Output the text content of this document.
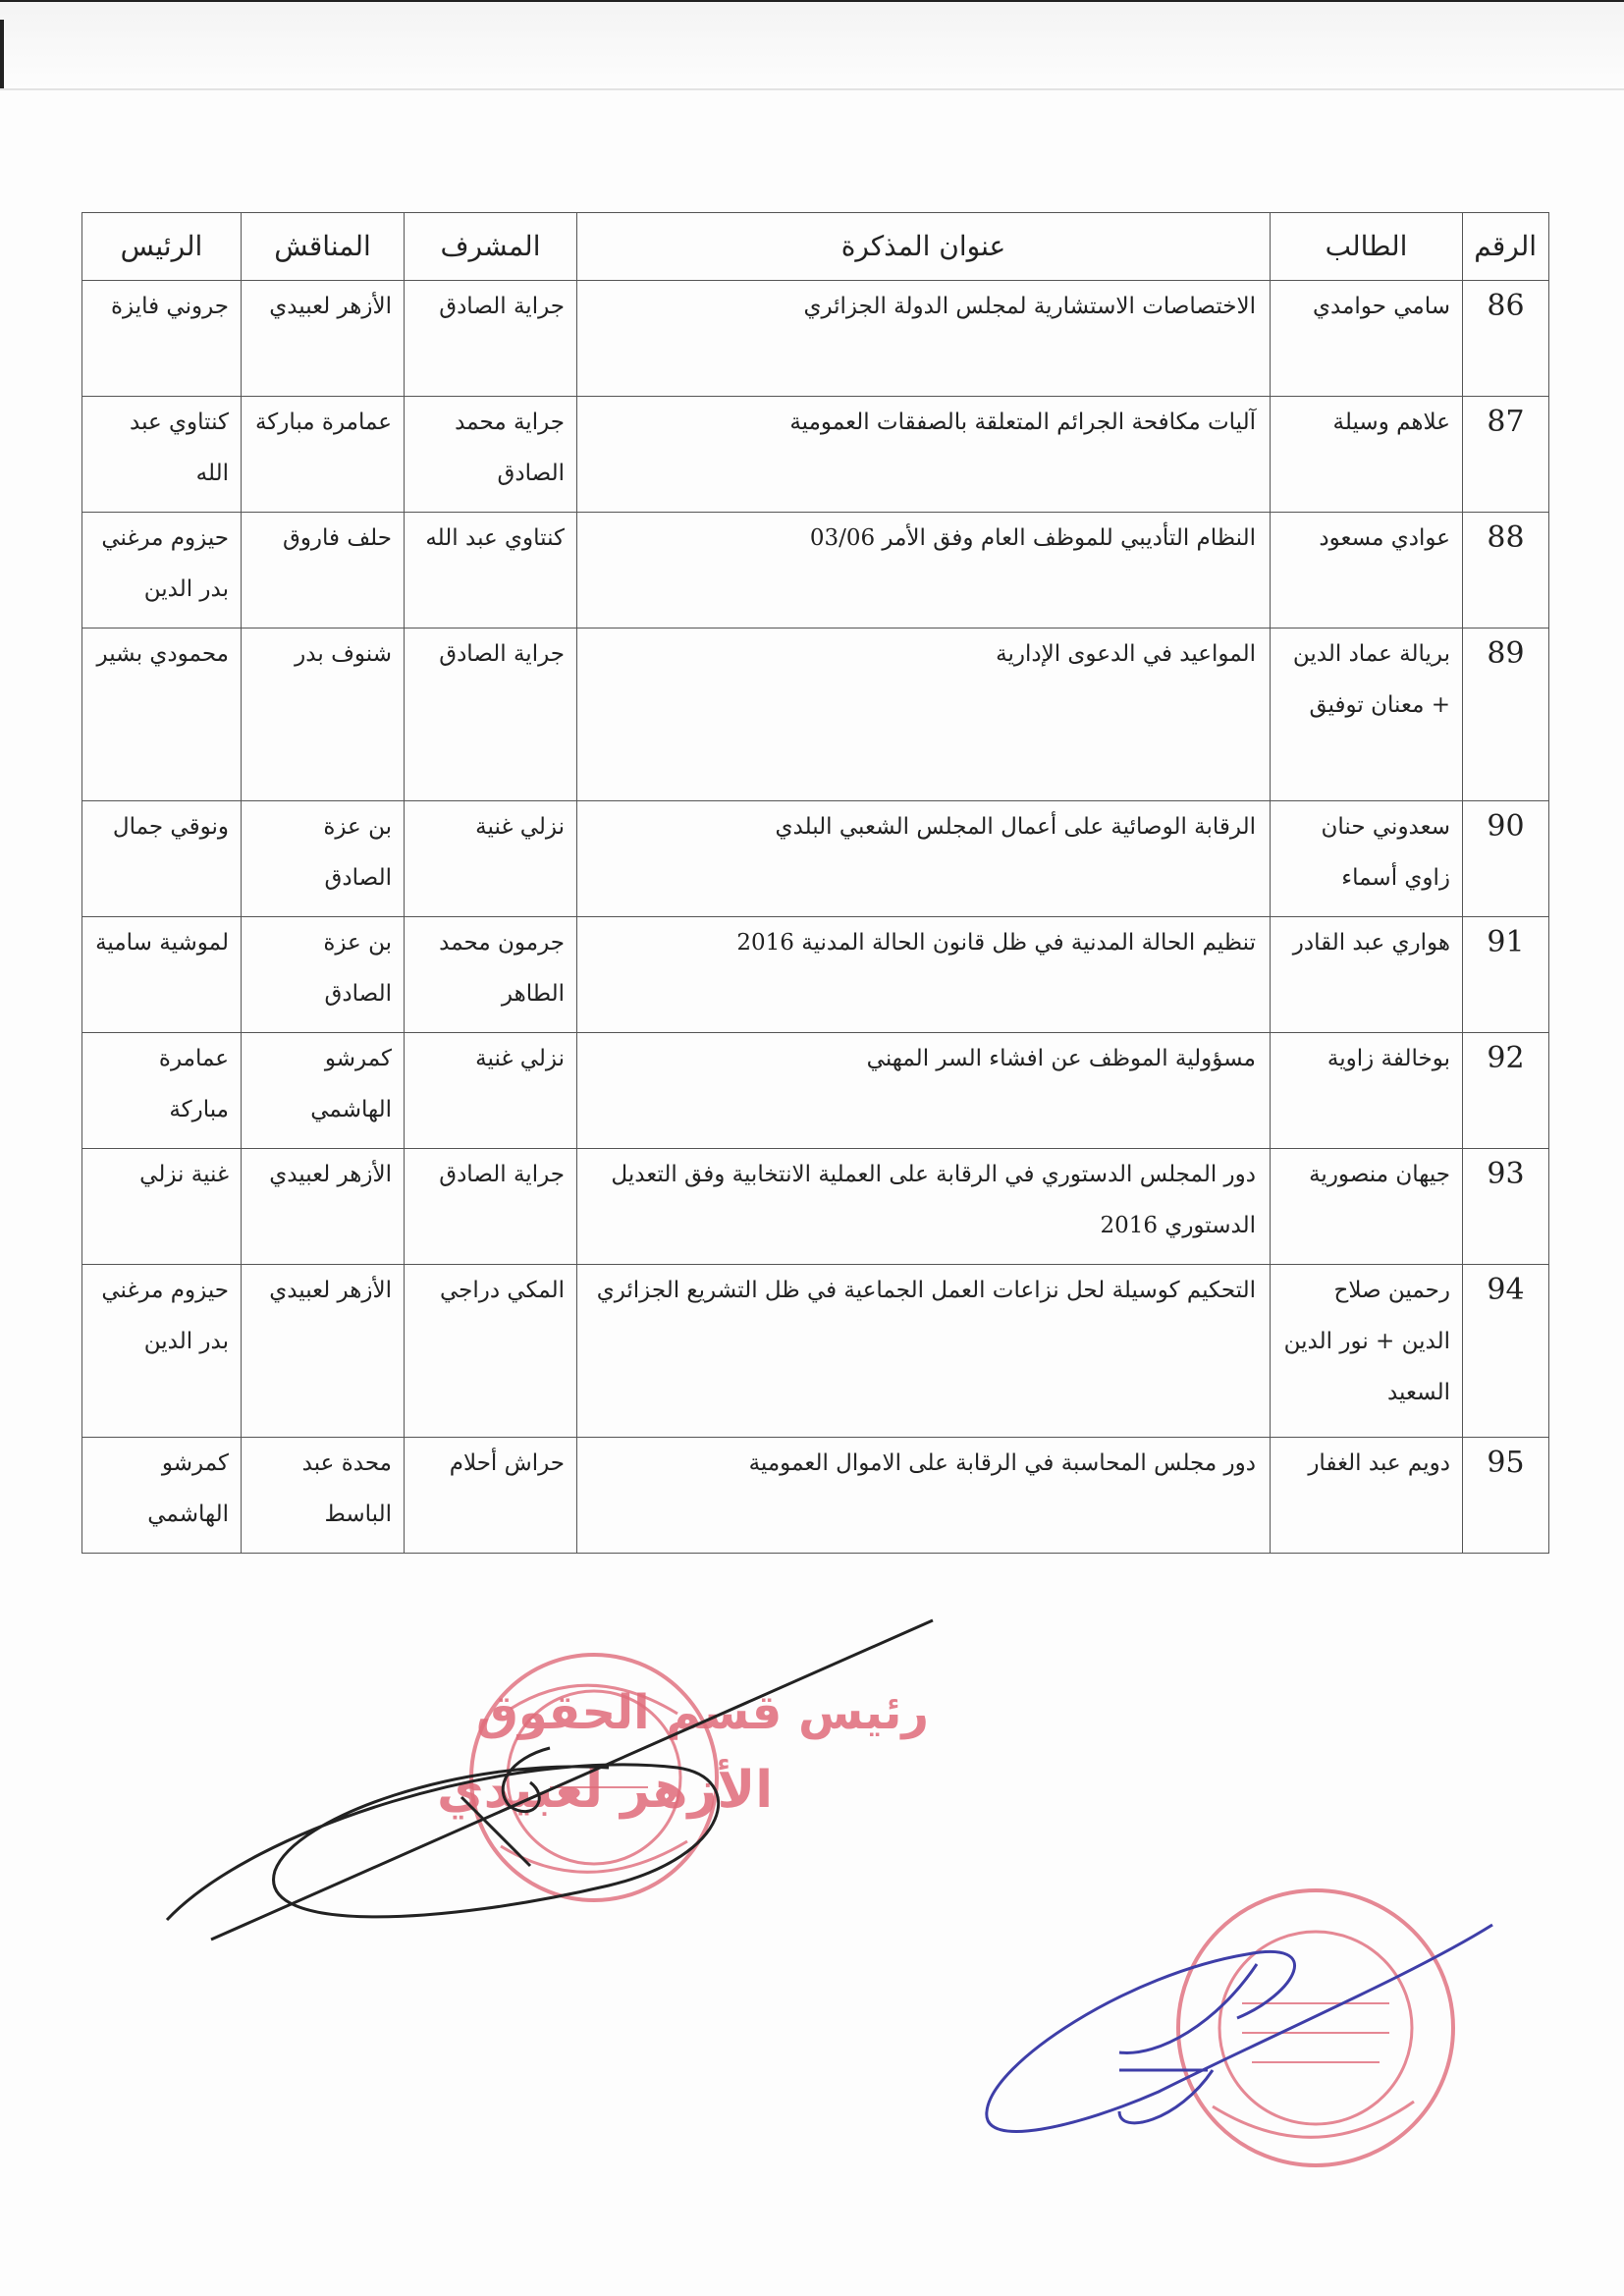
الرقم	الطالب	عنوان المذكرة	المشرف	المناقش	الرئيس
86	سامي حوامدي	الاختصاصات الاستشارية لمجلس الدولة الجزائري	جراية الصادق	الأزهر لعبيدي	جروني فايزة
87	علاهم وسيلة	آليات مكافحة الجرائم المتعلقة بالصفقات العمومية	جراية محمد الصادق	عمامرة مباركة	كنتاوي عبد الله
88	عوادي مسعود	النظام التأديبي للموظف العام وفق الأمر 03/06	كنتاوي عبد الله	حلف فاروق	حيزوم مرغني بدر الدين
89	بريالة عماد الدين + معنان توفيق	المواعيد في الدعوى الإدارية	جراية الصادق	شنوف بدر	محمودي بشير
90	سعدوني حنان زاوي أسماء	الرقابة الوصائية على أعمال المجلس الشعبي البلدي	نزلي غنية	بن عزة الصادق	ونوقي جمال
91	هواري عبد القادر	تنظيم الحالة المدنية في ظل قانون الحالة المدنية 2016	جرمون محمد الطاهر	بن عزة الصادق	لموشية سامية
92	بوخالفة زاوية	مسؤولية الموظف عن افشاء السر المهني	نزلي غنية	كمرشو الهاشمي	عمامرة مباركة
93	جيهان منصورية	دور المجلس الدستوري في الرقابة على العملية الانتخابية وفق التعديل الدستوري 2016	جراية الصادق	الأزهر لعبيدي	غنية نزلي
94	رحمين صلاح الدين + نور الدين السعيد	التحكيم كوسيلة لحل نزاعات العمل الجماعية في ظل التشريع الجزائري	المكي دراجي	الأزهر لعبيدي	حيزوم مرغني بدر الدين
95	دويم عبد الغفار	دور مجلس المحاسبة في الرقابة على الاموال العمومية	حراش أحلام	محدة عبد الباسط	كمرشو الهاشمي
رئيس قسم الحقوق
الأزهر لعبيدي
